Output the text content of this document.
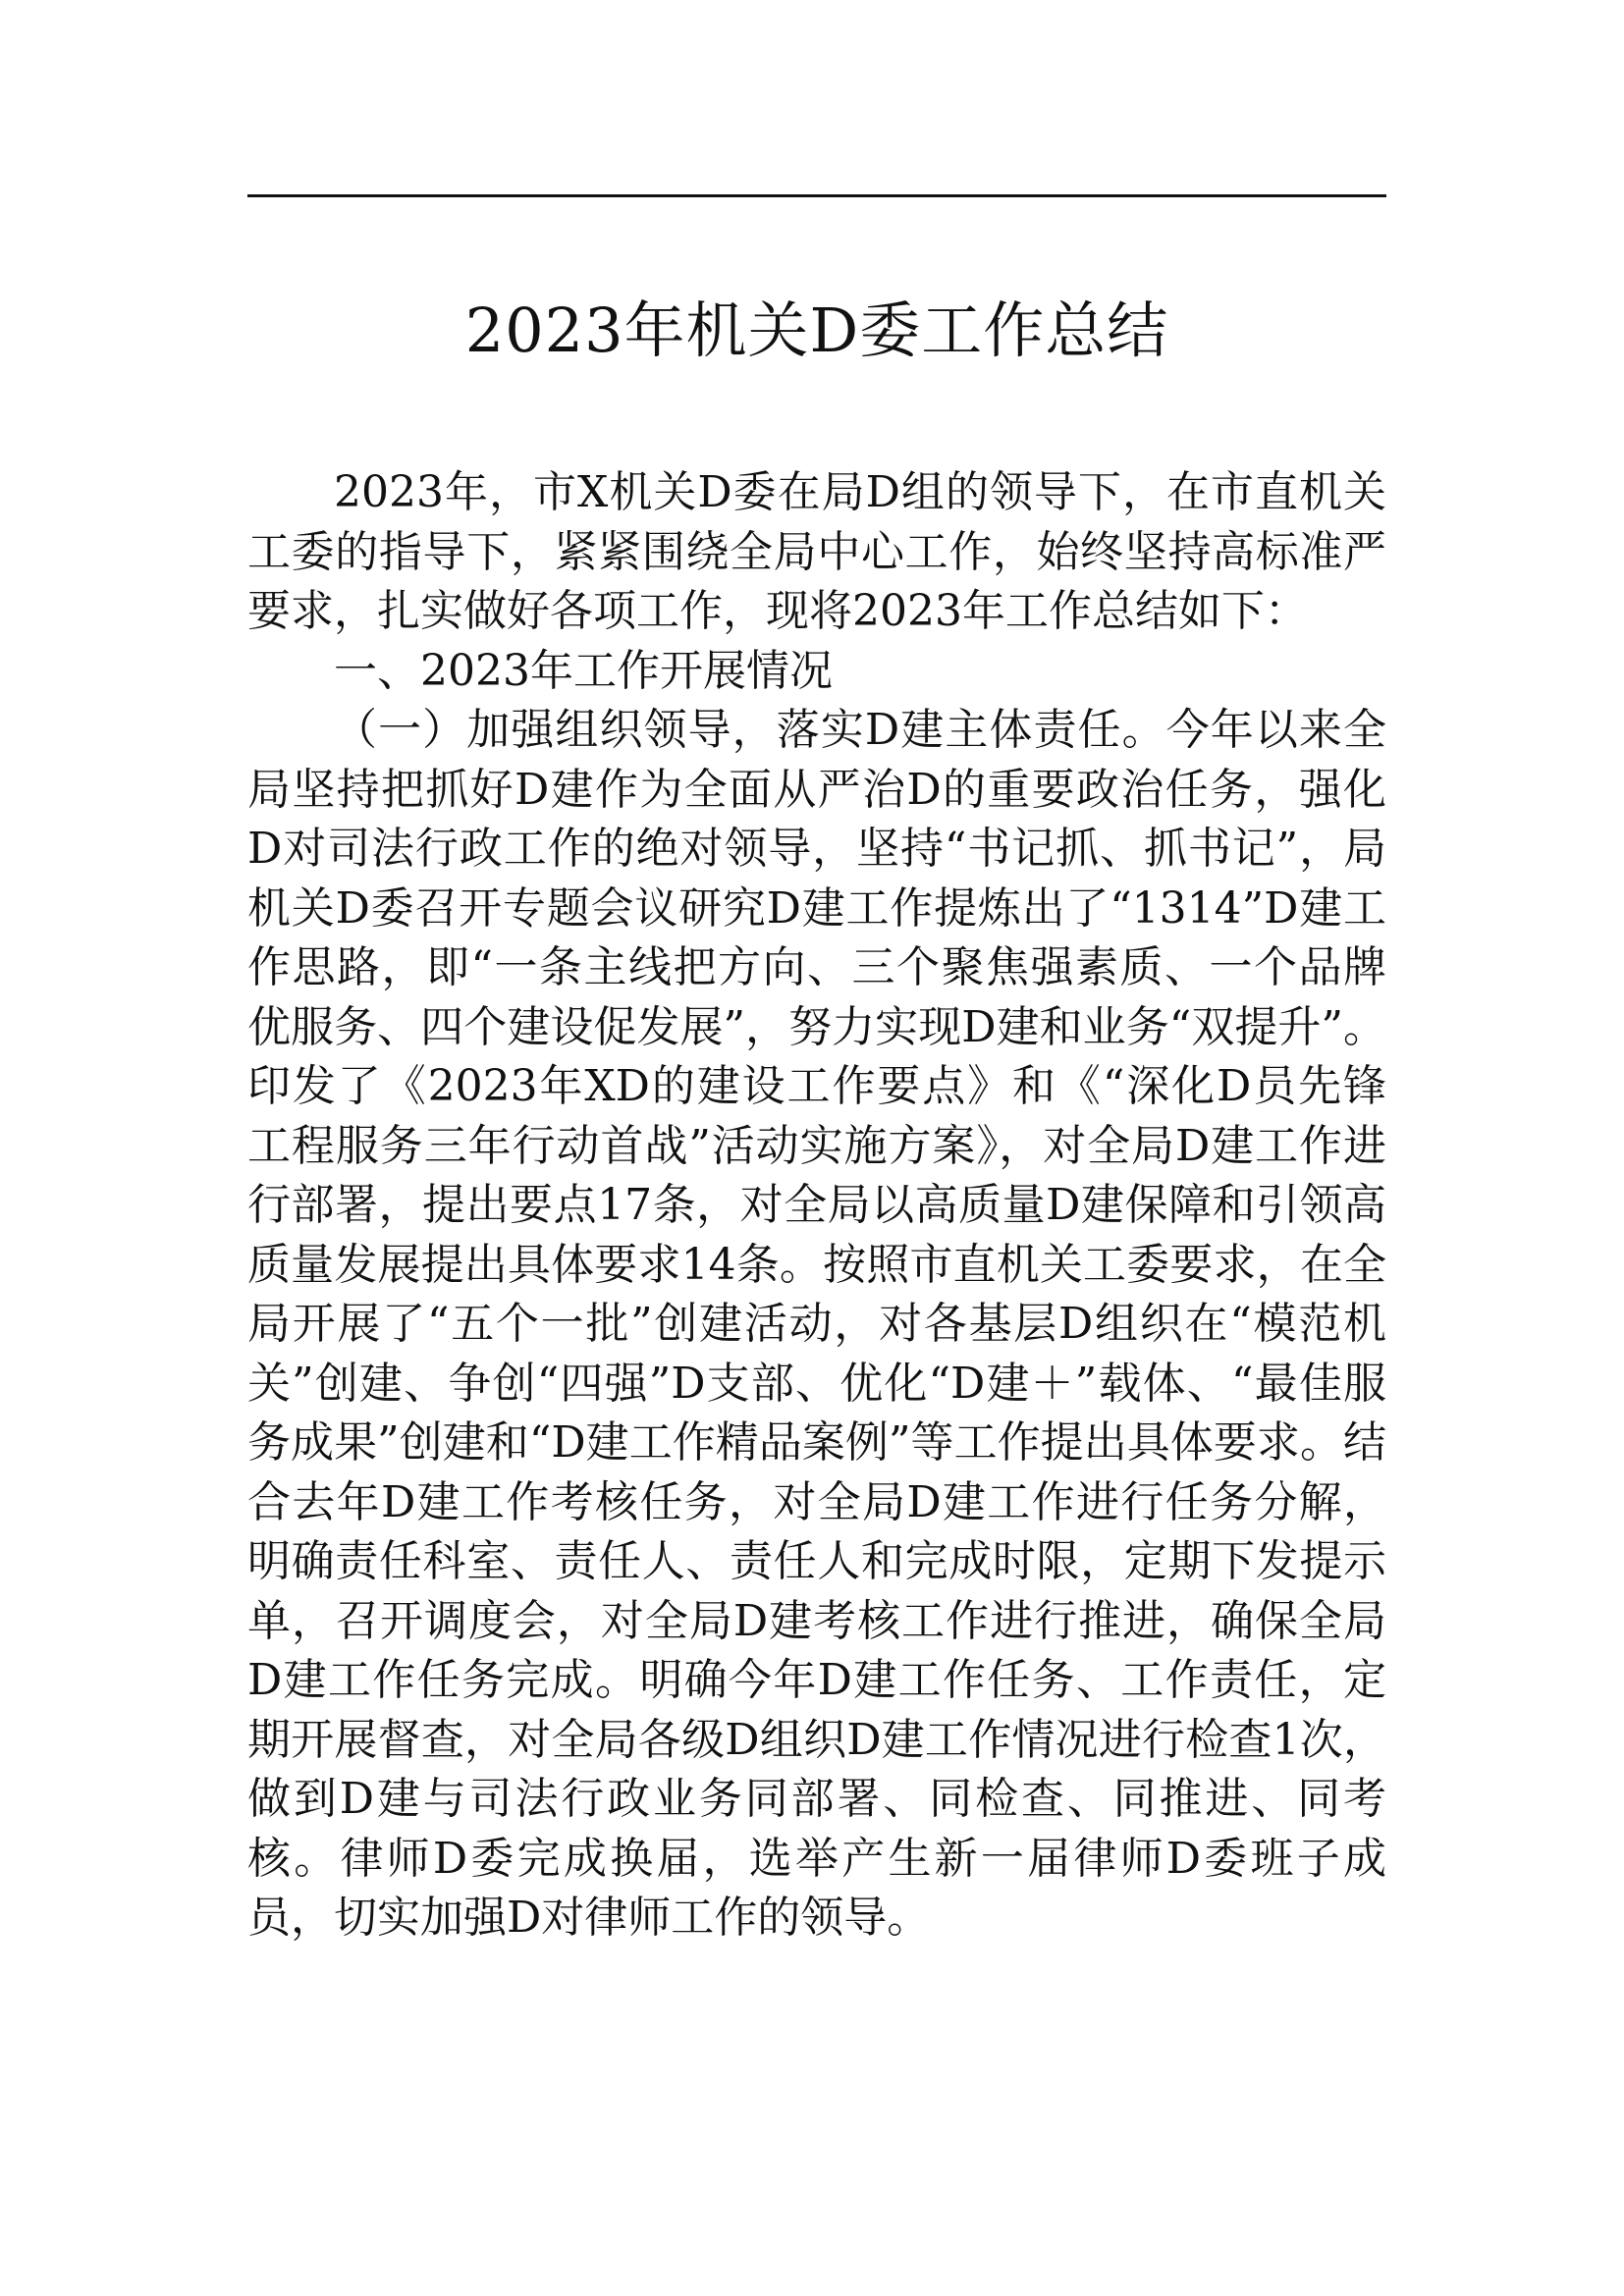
2023年机关D委工作总结

2023年，市X机关D委在局D组的领导下，在市直机关工委的指导下，紧紧围绕全局中心工作，始终坚持高标准严要求，扎实做好各项工作，现将2023年工作总结如下：

一、2023年工作开展情况

（一）加强组织领导，落实D建主体责任。今年以来全局坚持把抓好D建作为全面从严治D的重要政治任务，强化D对司法行政工作的绝对领导，坚持“书记抓、抓书记”，局机关D委召开专题会议研究D建工作提炼出了“1314”D建工作思路，即“一条主线把方向、三个聚焦强素质、一个品牌优服务、四个建设促发展”，努力实现D建和业务“双提升”。印发了《2023年XD的建设工作要点》和《“深化D员先锋工程服务三年行动首战”活动实施方案》，对全局D建工作进行部署，提出要点17条，对全局以高质量D建保障和引领高质量发展提出具体要求14条。按照市直机关工委要求，在全局开展了“五个一批”创建活动，对各基层D组织在“模范机关”创建、争创“四强”D支部、优化“D建＋”载体、“最佳服务成果”创建和“D建工作精品案例”等工作提出具体要求。结合去年D建工作考核任务，对全局D建工作进行任务分解，明确责任科室、责任人、责任人和完成时限，定期下发提示单，召开调度会，对全局D建考核工作进行推进，确保全局D建工作任务完成。明确今年D建工作任务、工作责任，定期开展督查，对全局各级D组织D建工作情况进行检查1次，做到D建与司法行政业务同部署、同检查、同推进、同考核。律师D委完成换届，选举产生新一届律师D委班子成员，切实加强D对律师工作的领导。
